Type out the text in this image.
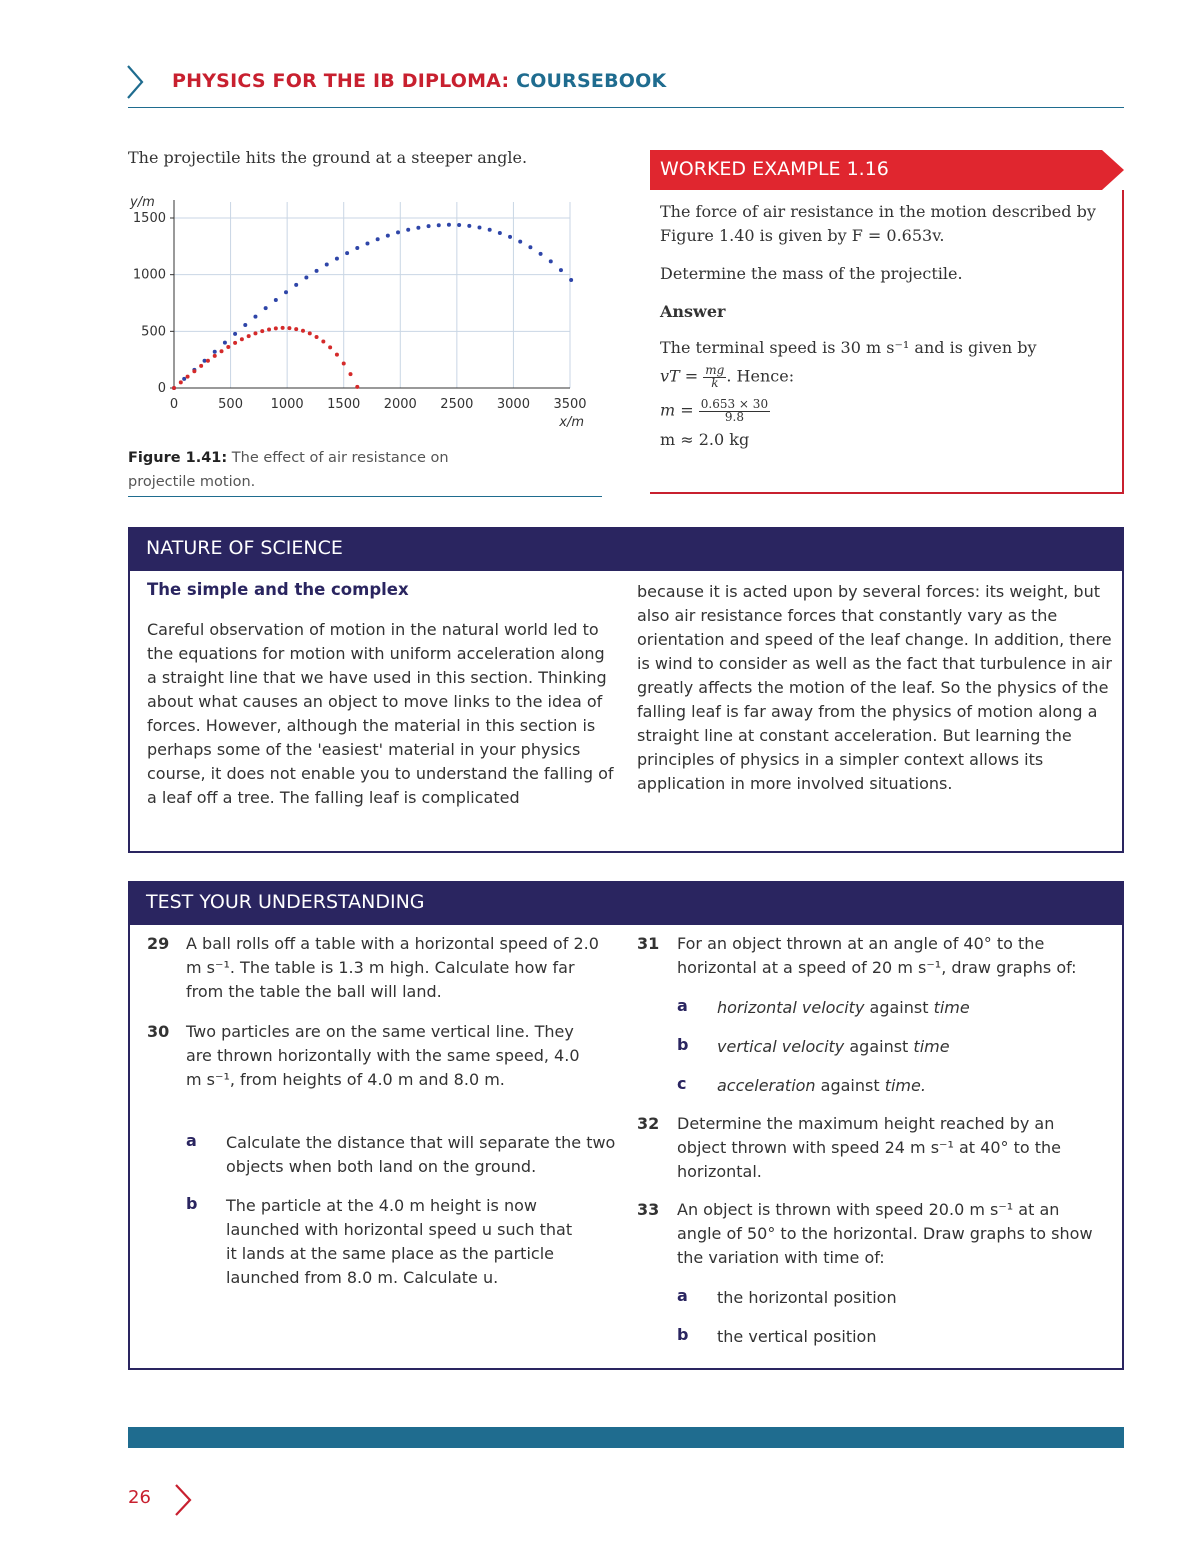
PHYSICS FOR THE IB DIPLOMA: COURSEBOOK
The projectile hits the ground at a steeper angle.
0	500 1000 1500 2000 2500 3000 3500
0
500
1000
1500
y/m
x/m
Figure 1.41: The effect of air resistance on projectile motion.
WORKED EXAMPLE 1.16

The force of air resistance in the motion described by Figure 1.40 is given by F = 0.653v.

Determine the mass of the projectile.

Answer

The terminal speed is 30 m s⁻¹ and is given by

vT = $\frac{mg}{k}$. Hence:

$m = \frac{0.653 \times 30}{9.8}$

m ≈ 2.0 kg

NATURE OF SCIENCE
The simple and the complex
Careful observation of motion in the natural world led to the equations for motion with uniform acceleration along a straight line that we have used in this section. Thinking about what causes an object to move links to the idea of forces. However, although the material in this section is perhaps some of the 'easiest' material in your physics course, it does not enable you to understand the falling of a leaf off a tree. The falling leaf is complicated
because it is acted upon by several forces: its weight, but also air resistance forces that constantly vary as the orientation and speed of the leaf change. In addition, there is wind to consider as well as the fact that turbulence in air greatly affects the motion of the leaf. So the physics of the falling leaf is far away from the physics of motion along a straight line at constant acceleration. But learning the principles of physics in a simpler context allows its application in more involved situations.
TEST YOUR UNDERSTANDING
29 A ball rolls off a table with a horizontal speed of 2.0 m s⁻¹. The table is 1.3 m high. Calculate how far from the table the ball will land.
30 Two particles are on the same vertical line. They are thrown horizontally with the same speed, 4.0 m s⁻¹, from heights of 4.0 m and 8.0 m.
a Calculate the distance that will separate the two objects when both land on the ground.
b The particle at the 4.0 m height is now launched with horizontal speed u such that it lands at the same place as the particle launched from 8.0 m. Calculate u.
31 For an object thrown at an angle of 40° to the horizontal at a speed of 20 m s⁻¹, draw graphs of:
a horizontal velocity against time
b vertical velocity against time
c acceleration against time.
32 Determine the maximum height reached by an object thrown with speed 24 m s⁻¹ at 40° to the horizontal.
33 An object is thrown with speed 20.0 m s⁻¹ at an angle of 50° to the horizontal. Draw graphs to show the variation with time of:
a the horizontal position
b the vertical position
26
